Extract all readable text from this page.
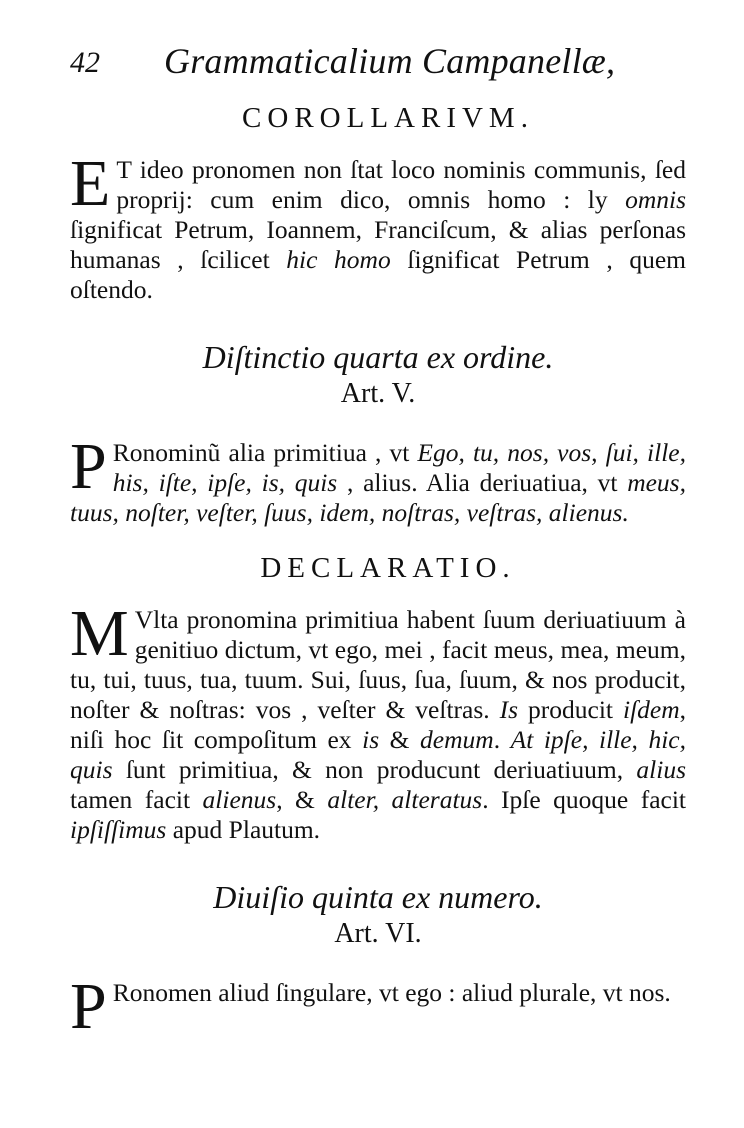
42 Grammaticalium Campanellæ,
COROLLARIVM.

E T ideo pronomen non ſtat loco nominis communis, ſed proprij: cum enim dico, omnis homo : ly omnis ſignificat Petrum, Ioannem, Franciſcum, & alias perſonas humanas , ſcilicet hic homo ſignificat Petrum , quem oſtendo.

Diſtinctio quarta ex ordine.
Art. V.

P Ronominũ alia primitiua , vt Ego, tu, nos, vos, ſui, ille, his, iſte, ipſe, is, quis , alius. Alia deriuatiua, vt meus, tuus, noſter, veſter, ſuus, idem, noſtras, veſtras, alienus.

DECLARATIO.

M Vlta pronomina primitiua habent ſuum deriuatiuum à genitiuo dictum, vt ego, mei , facit meus, mea, meum, tu, tui, tuus, tua, tuum. Sui, ſuus, ſua, ſuum, & nos producit, noſter & noſtras: vos , veſter & veſtras. Is producit iſdem, niſi hoc ſit compoſitum ex is & demum. At ipſe, ille, hic, quis ſunt primitiua, & non producunt deriuatiuum, alius tamen facit alienus, & alter, alteratus. Ipſe quoque facit ipſiſſimus apud Plautum.

Diuiſio quinta ex numero.
Art. VI.

P Ronomen aliud ſingulare, vt ego : aliud plurale, vt nos.
